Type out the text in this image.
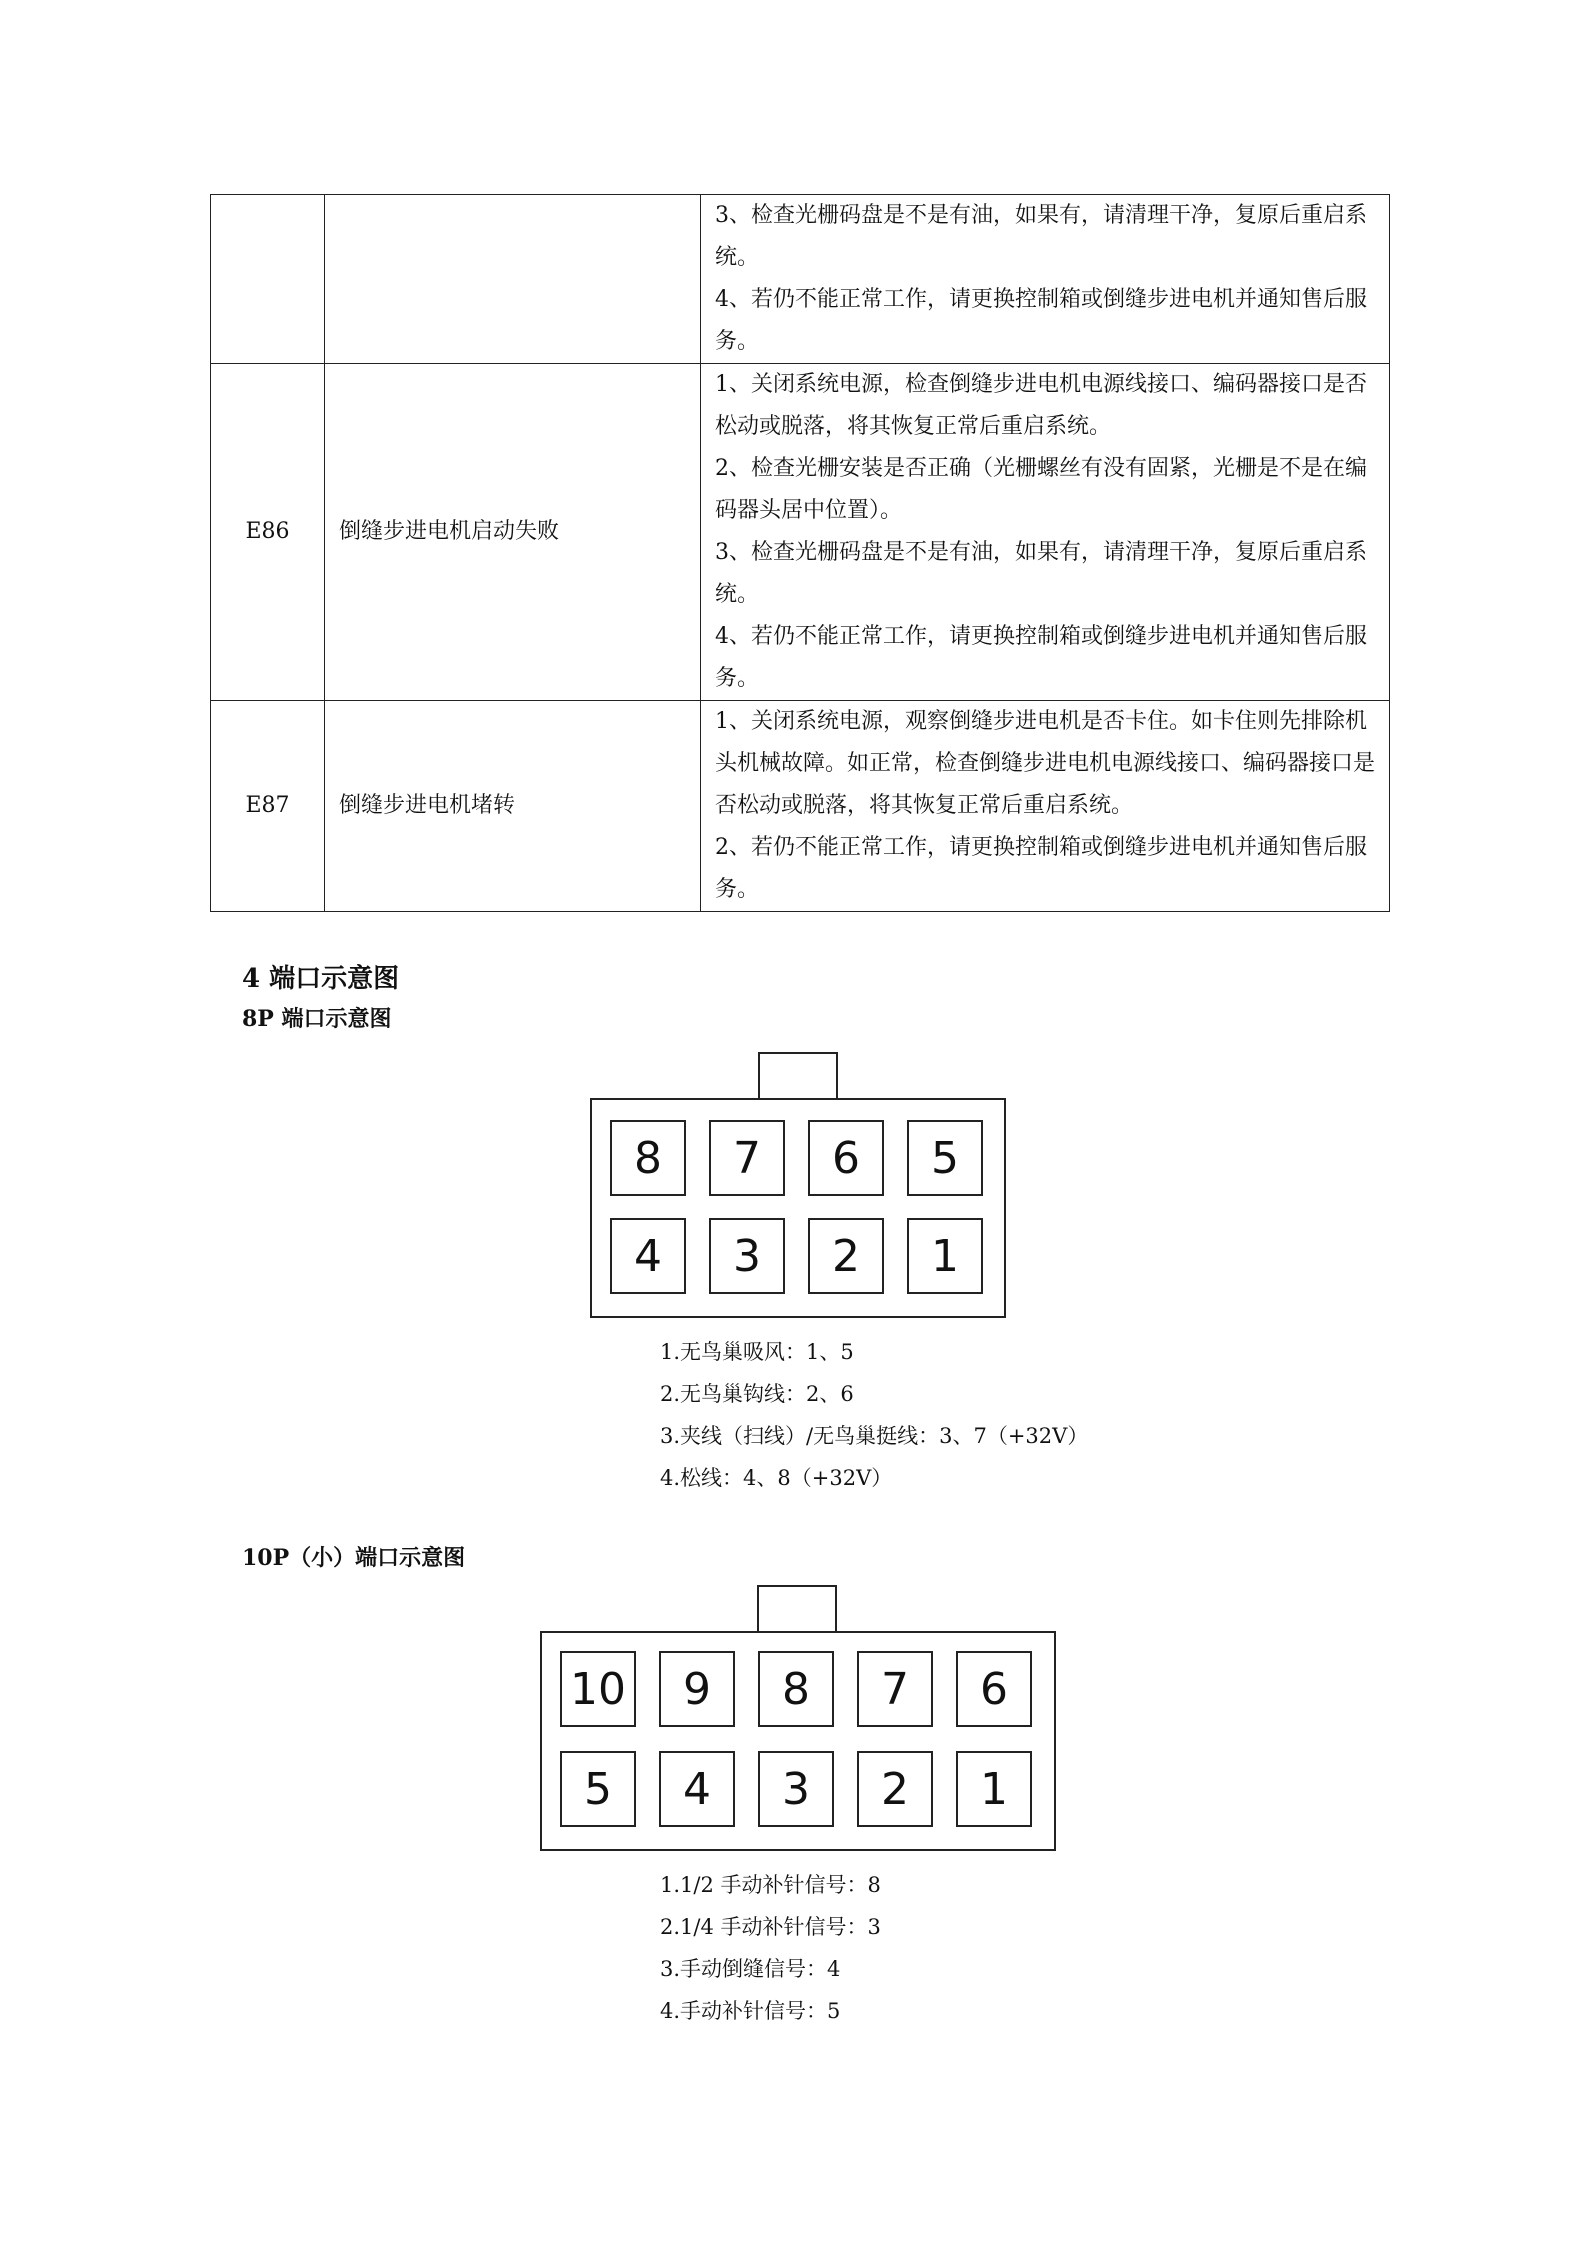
		3、检查光栅码盘是不是有油，如果有，请清理干净，复原后重启系统。
4、若仍不能正常工作，请更换控制箱或倒缝步进电机并通知售后服务。

E86	倒缝步进电机启动失败	1、关闭系统电源，检查倒缝步进电机电源线接口、编码器接口是否松动或脱落，将其恢复正常后重启系统。
2、检查光栅安装是否正确（光栅螺丝有没有固紧，光栅是不是在编码器头居中位置）。
3、检查光栅码盘是不是有油，如果有，请清理干净，复原后重启系统。
4、若仍不能正常工作，请更换控制箱或倒缝步进电机并通知售后服务。

E87	倒缝步进电机堵转	1、关闭系统电源，观察倒缝步进电机是否卡住。如卡住则先排除机头机械故障。如正常，检查倒缝步进电机电源线接口、编码器接口是否松动或脱落，将其恢复正常后重启系统。
2、若仍不能正常工作，请更换控制箱或倒缝步进电机并通知售后服务。
4 端口示意图
8P 端口示意图
8	7	6	5
4	3	2	1
1.无鸟巢吸风：1、5
2.无鸟巢钩线：2、6
3.夹线（扫线）/无鸟巢挺线：3、7（+32V）
4.松线：4、8（+32V）
10P（小）端口示意图
10	9	8	7	6
5	4	3	2	1
1.1/2 手动补针信号：8
2.1/4 手动补针信号：3
3.手动倒缝信号：4
4.手动补针信号：5
